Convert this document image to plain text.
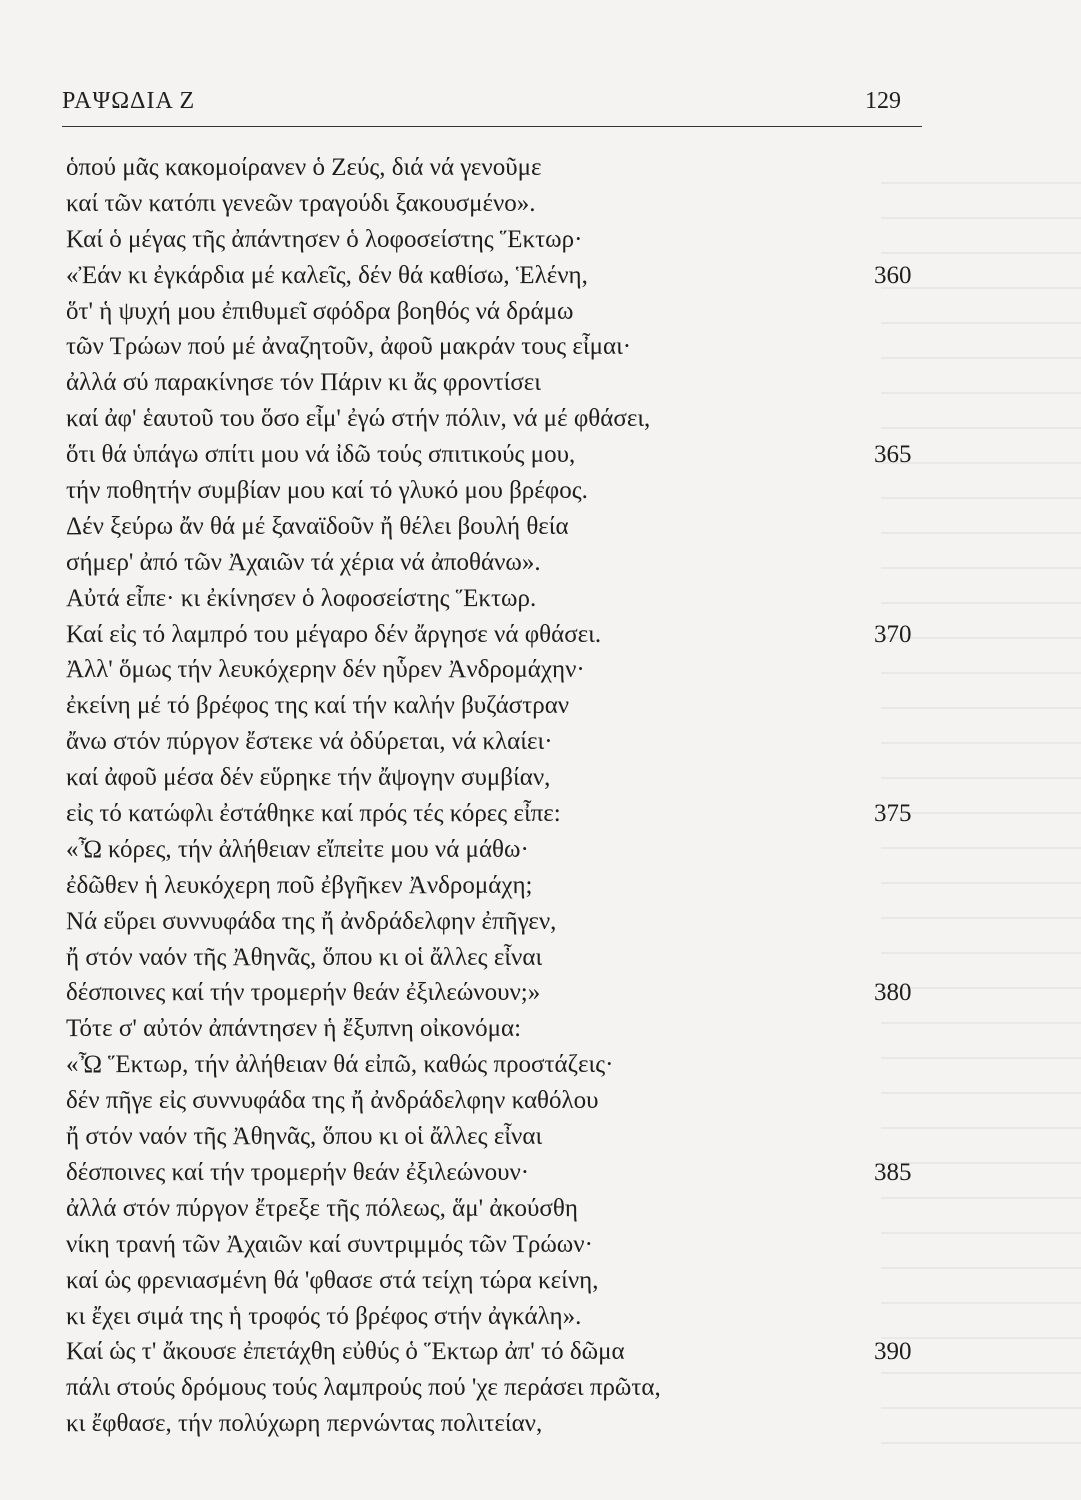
ΡΑΨΩΔΙΑ Ζ	129
ὁπού μᾶς κακομοίρανεν ὁ Ζεύς, διά νά γενοῦμε
καί τῶν κατόπι γενεῶν τραγούδι ξακουσμένο».
Καί ὁ μέγας τῆς ἀπάντησεν ὁ λοφοσείστης Ἕκτωρ·
«Ἐάν κι ἐγκάρδια μέ καλεῖς, δέν θά καθίσω, Ἑλένη,	360
ὅτ' ἡ ψυχή μου ἐπιθυμεῖ σφόδρα βοηθός νά δράμω
τῶν Τρώων πού μέ ἀναζητοῦν, ἀφοῦ μακράν τους εἶμαι·
ἀλλά σύ παρακίνησε τόν Πάριν κι ἄς φροντίσει
καί ἀφ' ἑαυτοῦ του ὅσο εἶμ' ἐγώ στήν πόλιν, νά μέ φθάσει,
ὅτι θά ὑπάγω σπίτι μου νά ἰδῶ τούς σπιτικούς μου,	365
τήν ποθητήν συμβίαν μου καί τό γλυκό μου βρέφος.
Δέν ξεύρω ἄν θά μέ ξαναϊδοῦν ἤ θέλει βουλή θεία
σήμερ' ἀπό τῶν Ἀχαιῶν τά χέρια νά ἀποθάνω».
Αὐτά εἶπε· κι ἐκίνησεν ὁ λοφοσείστης Ἕκτωρ.
Καί εἰς τό λαμπρό του μέγαρο δέν ἄργησε νά φθάσει.	370
Ἀλλ' ὅμως τήν λευκόχερην δέν ηὗρεν Ἀνδρομάχην·
ἐκείνη μέ τό βρέφος της καί τήν καλήν βυζάστραν
ἄνω στόν πύργον ἔστεκε νά ὀδύρεται, νά κλαίει·
καί ἀφοῦ μέσα δέν εὕρηκε τήν ἄψογην συμβίαν,
εἰς τό κατώφλι ἐστάθηκε καί πρός τές κόρες εἶπε:	375
«Ὦ κόρες, τήν ἀλήθειαν εἴπεἰτε μου νά μάθω·
ἐδῶθεν ἡ λευκόχερη ποῦ ἐβγῆκεν Ἀνδρομάχη;
Νά εὕρει συννυφάδα της ἤ ἀνδράδελφην ἐπῆγεν,
ἤ στόν ναόν τῆς Ἀθηνᾶς, ὅπου κι οἱ ἄλλες εἶναι
δέσποινες καί τήν τρομερήν θεάν ἐξιλεώνουν;»	380
Τότε σ' αὐτόν ἀπάντησεν ἡ ἔξυπνη οἰκονόμα:
«Ὦ Ἕκτωρ, τήν ἀλήθειαν θά εἰπῶ, καθώς προστάζεις·
δέν πῆγε εἰς συννυφάδα της ἤ ἀνδράδελφην καθόλου
ἤ στόν ναόν τῆς Ἀθηνᾶς, ὅπου κι οἱ ἄλλες εἶναι
δέσποινες καί τήν τρομερήν θεάν ἐξιλεώνουν·	385
ἀλλά στόν πύργον ἔτρεξε τῆς πόλεως, ἅμ' ἀκούσθη
νίκη τρανή τῶν Ἀχαιῶν καί συντριμμός τῶν Τρώων·
καί ὡς φρενιασμένη θά 'φθασε στά τείχη τώρα κείνη,
κι ἔχει σιμά της ἡ τροφός τό βρέφος στήν ἀγκάλη».
Καί ὡς τ' ἄκουσε ἐπετάχθη εὐθύς ὁ Ἕκτωρ ἀπ' τό δῶμα	390
πάλι στούς δρόμους τούς λαμπρούς πού 'χε περάσει πρῶτα,
κι ἔφθασε, τήν πολύχωρη περνώντας πολιτείαν,
